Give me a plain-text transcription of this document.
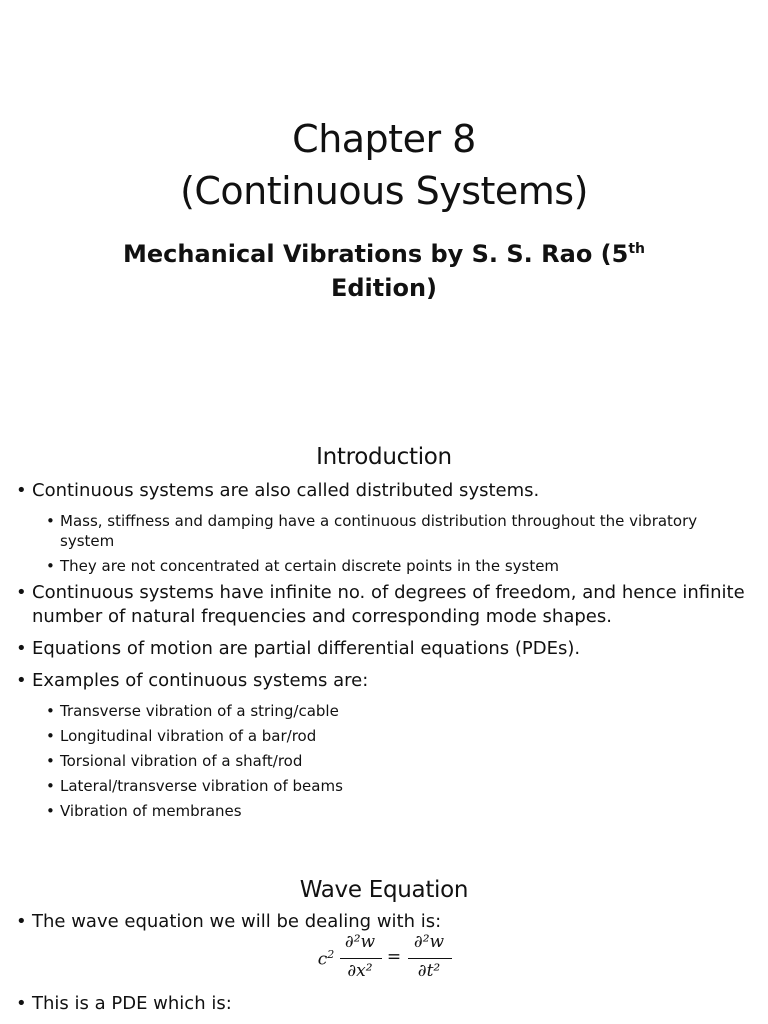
Chapter 8
(Continuous Systems)
Mechanical Vibrations by S. S. Rao (5th
Edition)
Introduction
• Continuous systems are also called distributed systems.
• Mass, stiffness and damping have a continuous distribution throughout the vibratory system
• They are not concentrated at certain discrete points in the system
• Continuous systems have infinite no. of degrees of freedom, and hence infinite number of natural frequencies and corresponding mode shapes.
• Equations of motion are partial differential equations (PDEs).
• Examples of continuous systems are:
• Transverse vibration of a string/cable
• Longitudinal vibration of a bar/rod
• Torsional vibration of a shaft/rod
• Lateral/transverse vibration of beams
• Vibration of membranes
Wave Equation
• The wave equation we will be dealing with is:
$c^2$
∂²w
∂x²
=
∂²w
∂t²
• This is a PDE which is:
